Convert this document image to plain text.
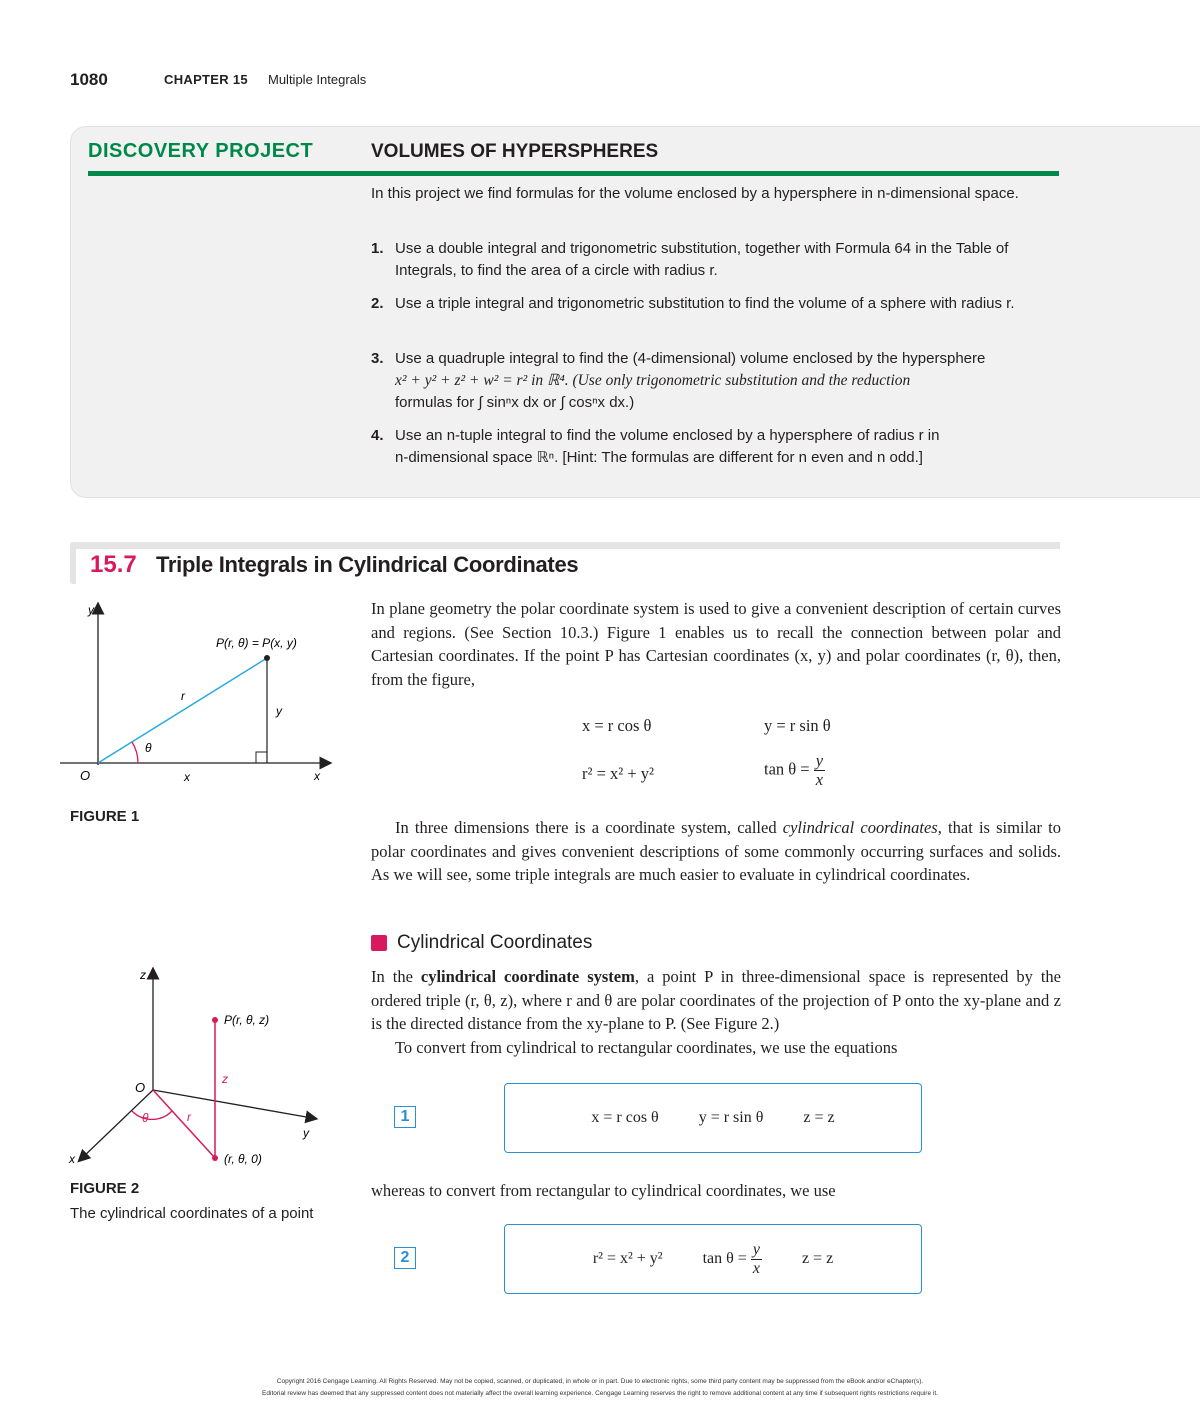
1080	CHAPTER 15 Multiple Integrals
DISCOVERY PROJECT	VOLUMES OF HYPERSPHERES
In this project we find formulas for the volume enclosed by a hypersphere in n-dimensional space.
1. Use a double integral and trigonometric substitution, together with Formula 64 in the Table of Integrals, to find the area of a circle with radius r.
2. Use a triple integral and trigonometric substitution to find the volume of a sphere with radius r.
3. Use a quadruple integral to find the (4-dimensional) volume enclosed by the hypersphere
x² + y² + z² + w² = r² in ℝ⁴. (Use only trigonometric substitution and the reduction
formulas for ∫ sinⁿx dx or ∫ cosⁿx dx.)
4. Use an n-tuple integral to find the volume enclosed by a hypersphere of radius r in
n-dimensional space ℝⁿ. [Hint: The formulas are different for n even and n odd.]
15.7 Triple Integrals in Cylindrical Coordinates
y
O	x
P(r, θ) = P(x, y)
r
y
x
θ
FIGURE 1
In plane geometry the polar coordinate system is used to give a convenient description of certain curves and regions. (See Section 10.3.) Figure 1 enables us to recall the connection between polar and Cartesian coordinates. If the point P has Cartesian coordinates (x, y) and polar coordinates (r, θ), then, from the figure,
x = r cos θ	y = r sin θ
r² = x² + y²	$\tan \theta = \frac{y}{x}$
In three dimensions there is a coordinate system, called cylindrical coordinates, that is similar to polar coordinates and gives convenient descriptions of some commonly occurring surfaces and solids. As we will see, some triple integrals are much easier to evaluate in cylindrical coordinates.
Cylindrical Coordinates
In the cylindrical coordinate system, a point P in three-dimensional space is represented by the ordered triple (r, θ, z), where r and θ are polar coordinates of the projection of P onto the xy-plane and z is the directed distance from the xy-plane to P. (See Figure 2.)
To convert from cylindrical to rectangular coordinates, we use the equations
z
O
y
x
P(r, θ, z)
(r, θ, 0)
z
r
θ
FIGURE 2
The cylindrical coordinates of a point
1	x = r cos θ	y = r sin θ	z = z
whereas to convert from rectangular to cylindrical coordinates, we use
2	r² = x² + y²	$\tan \theta = \frac{y}{x}$	z = z
Copyright 2016 Cengage Learning. All Rights Reserved. May not be copied, scanned, or duplicated, in whole or in part. Due to electronic rights, some third party content may be suppressed from the eBook and/or eChapter(s).
Editorial review has deemed that any suppressed content does not materially affect the overall learning experience. Cengage Learning reserves the right to remove additional content at any time if subsequent rights restrictions require it.
